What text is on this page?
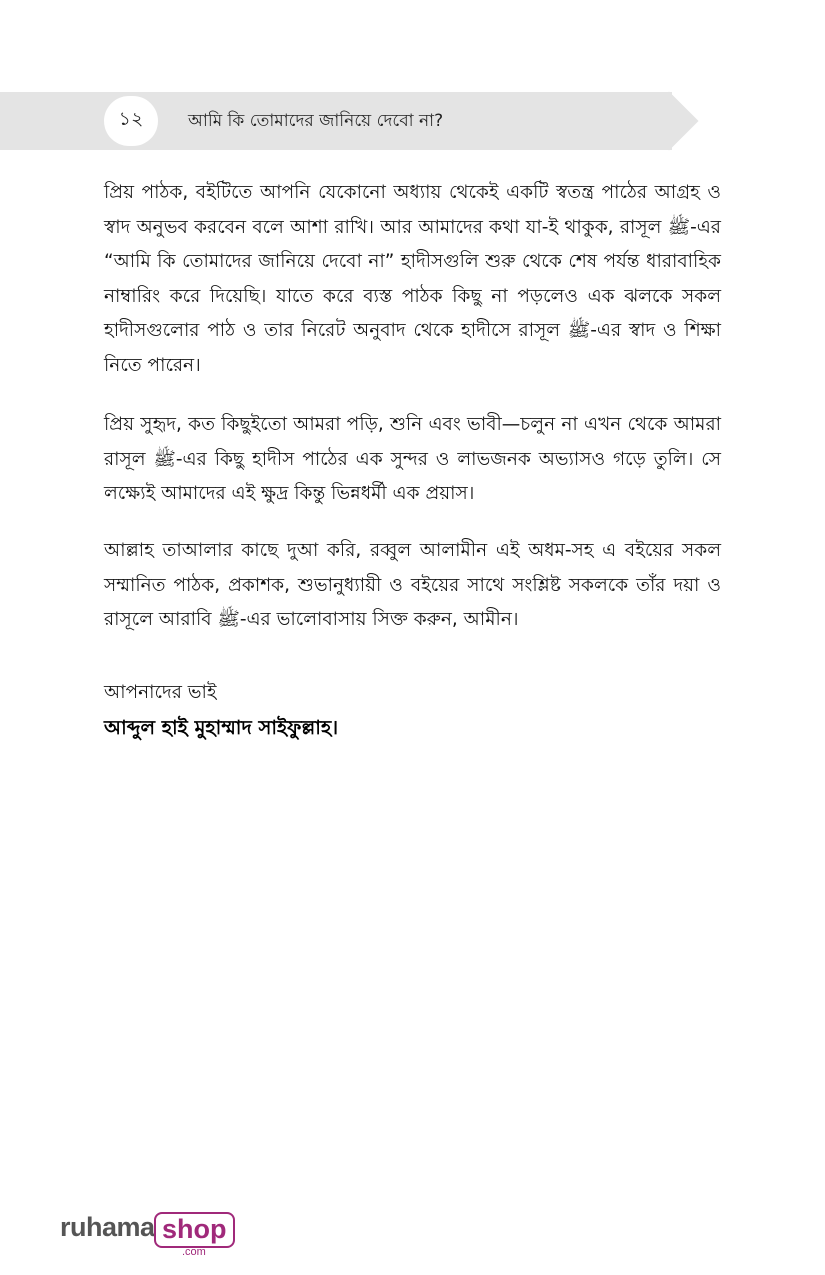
১২	আমি কি তোমাদের জানিয়ে দেবো না?
প্রিয় পাঠক, বইটিতে আপনি যেকোনো অধ্যায় থেকেই একটি স্বতন্ত্র পাঠের আগ্রহ ও স্বাদ অনুভব করবেন বলে আশা রাখি। আর আমাদের কথা যা-ই থাকুক, রাসূল ﷺ-এর “আমি কি তোমাদের জানিয়ে দেবো না” হাদীসগুলি শুরু থেকে শেষ পর্যন্ত ধারাবাহিক নাম্বারিং করে দিয়েছি। যাতে করে ব্যস্ত পাঠক কিছু না পড়লেও এক ঝলকে সকল হাদীসগুলোর পাঠ ও তার নিরেট অনুবাদ থেকে হাদীসে রাসূল ﷺ-এর স্বাদ ও শিক্ষা নিতে পারেন।
প্রিয় সুহৃদ, কত কিছুইতো আমরা পড়ি, শুনি এবং ভাবী—চলুন না এখন থেকে আমরা রাসূল ﷺ-এর কিছু হাদীস পাঠের এক সুন্দর ও লাভজনক অভ্যাসও গড়ে তুলি। সে লক্ষ্যেই আমাদের এই ক্ষুদ্র কিন্তু ভিন্নধর্মী এক প্রয়াস।
আল্লাহ তাআলার কাছে দুআ করি, রব্বুল আলামীন এই অধম-সহ এ বইয়ের সকল সম্মানিত পাঠক, প্রকাশক, শুভানুধ্যায়ী ও বইয়ের সাথে সংশ্লিষ্ট সকলকে তাঁর দয়া ও রাসূলে আরাবি ﷺ-এর ভালোবাসায় সিক্ত করুন, আমীন।
আপনাদের ভাই
আব্দুল হাই মুহাম্মাদ সাইফুল্লাহ।
ruhama shop
.com
